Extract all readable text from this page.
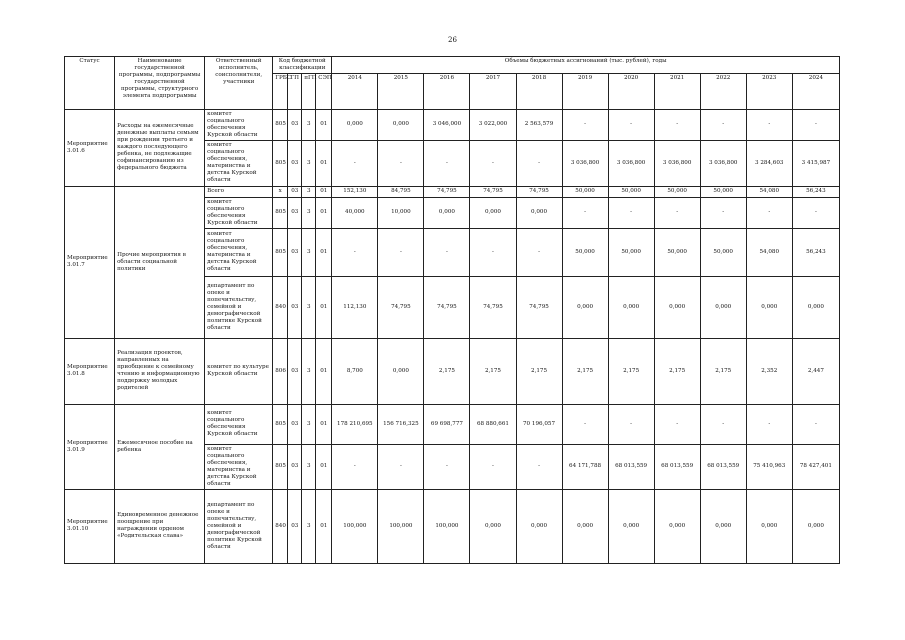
26
Статус	Наименование государственной программы, подпрограммы государственной программы, структурного элемента подпрограммы	Ответственный исполнитель, соисполнители, участники	Код бюджетной классификации				Объемы бюджетных ассигнований (тыс. рублей), годы										
			ГРБС	ГП	пГП	СЭП	2014	2015	2016	2017	2018	2019	2020	2021	2022	2023	2024
Мероприятие 3.01.6	Расходы на ежемесячные денежные выплаты семьям при рождении третьего и каждого последующего ребенка, не подлежащие софинансированию из федерального бюджета	комитет социального обеспечения Курской области	805	03	3	01	0,000	0,000	3 046,000	3 022,000	2 563,579	-	-	-	-	-	-
		комитет социального обеспечения, материнства и детства Курской области	805	03	3	01	-	-	-	-	-	3 036,800	3 036,800	3 036,800	3 036,800	3 284,603	3 415,987
Мероприятие 3.01.7	Прочие мероприятия в области социальной политики	Всего	х	03	3	01	152,130	84,795	74,795	74,795	74,795	50,000	50,000	50,000	50,000	54,080	56,243
		комитет социального обеспечения Курской области	805	03	3	01	40,000	10,000	0,000	0,000	0,000	-	-	-	-	-	-
		комитет социального обеспечения, материнства и детства Курской области	805	03	3	01	-	-	-	-	-	50,000	50,000	50,000	50,000	54,080	56,243
		департамент по опеке и попечительству, семейной и демографической политике Курской области	840	03	3	01	112,130	74,795	74,795	74,795	74,795	0,000	0,000	0,000	0,000	0,000	0,000
Мероприятие 3.01.8	Реализация проектов, направленных на приобщение к семейному чтению и информационную поддержку молодых родителей	комитет по культуре Курской области	806	03	3	01	8,700	0,000	2,175	2,175	2,175	2,175	2,175	2,175	2,175	2,352	2,447
Мероприятие 3.01.9	Ежемесячное пособие на ребенка	комитет социального обеспечения Курской области	805	03	3	01	178 210,695	156 716,325	69 698,777	68 880,661	70 196,057	-	-	-	-	-	-
		комитет социального обеспечения, материнства и детства Курской области	805	03	3	01	-	-	-	-	-	64 171,788	68 013,559	68 013,559	68 013,559	75 410,963	78 427,401
Мероприятие 3.01.10	Единовременное денежное поощрение при награждении орденом «Родительская слава»	департамент по опеке и попечительству, семейной и демографической политике Курской области	840	03	3	01	100,000	100,000	100,000	0,000	0,000	0,000	0,000	0,000	0,000	0,000	0,000
